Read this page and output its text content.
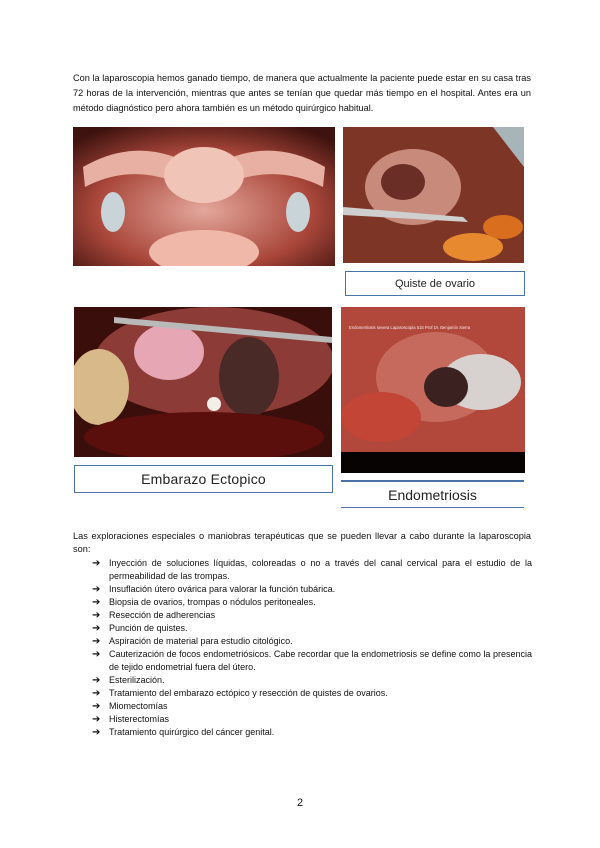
Con la laparoscopia hemos ganado tiempo, de manera que actualmente la paciente puede estar en su casa tras 72 horas de la intervención, mientras que antes se tenían que quedar más tiempo en el hospital. Antes era un método diagnóstico pero ahora también es un método quirúrgico habitual.

Quiste de ovario
Embarazo Ectopico
Endometriosis severa Laparoscopia 515 Prof Dr. Benjamín Sierra
Endometriosis

Las exploraciones especiales o maniobras terapéuticas que se pueden llevar a cabo durante la laparoscopia son:

➔ Inyección de soluciones líquidas, coloreadas o no a través del canal cervical para el estudio de la permeabilidad de las trompas.
➔ Insuflación útero ovárica para valorar la función tubárica.
➔ Biopsia de ovarios, trompas o nódulos peritoneales.
➔ Resección de adherencias
➔ Punción de quistes.
➔ Aspiración de material para estudio citológico.
➔ Cauterización de focos endometriósicos. Cabe recordar que la endometriosis se define como la presencia de tejido endometrial fuera del útero.
➔ Esterilización.
➔ Tratamiento del embarazo ectópico y resección de quistes de ovarios.
➔ Miomectomías
➔ Histerectomías
➔ Tratamiento quirúrgico del cáncer genital.
2
